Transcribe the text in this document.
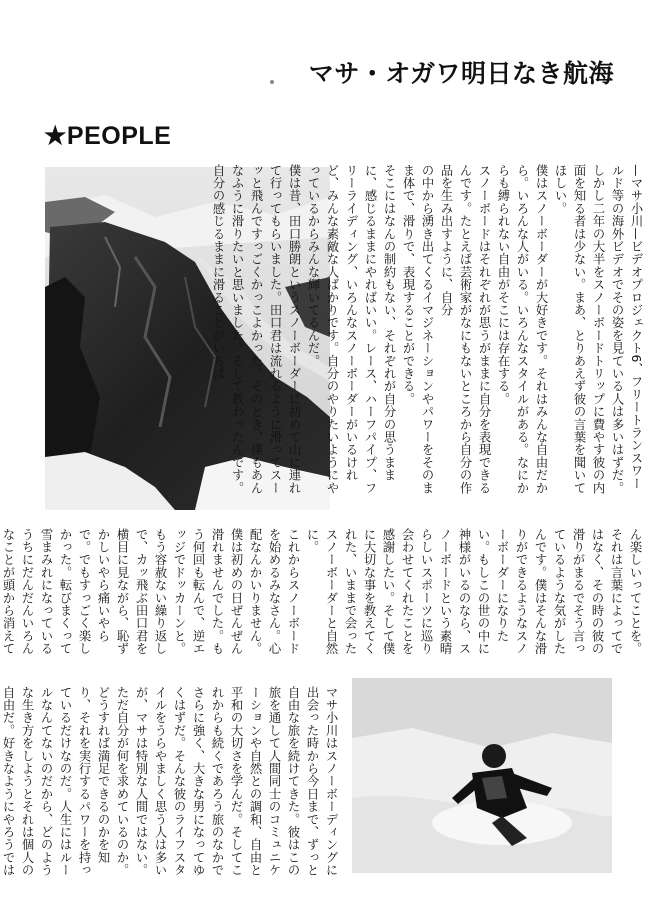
マサ・オガワ明日なき航海
★PEOPLE
—マサ小川—ビデオプロジェクト6、フリートランスワールド等の海外ビデオでその姿を見ている人は多いはずだ。しかし二年の大半をスノーボードトリップに費やす彼の内面を知る者は少ない。まあ、とりあえず彼の言葉を聞いてほしい。
僕はスノーボーダーが大好きです。それはみんな自由だから。いろんな人がいる。いろんなスタイルがある。なにからも縛られない自由がそこには存在する。
スノーボードはそれぞれが思うがままに自分を表現できるんです。たとえば芸術家がなにもないところから自分の作品を生み出すように、自分
の中から湧き出てくるイマジネーションやパワーをそのまま体で、滑りで、表現することができる。
そこにはなんの制約もない、それぞれが自分の思うままに、感じるままにやればいい。レース、ハーフパイプ、フリーライディング、いろんなスノーボーダーがいるけれど、みんな素敵な人ばかりです。自分のやりたいようにやっているからみんな輝いてるんだ。
僕は昔、田口勝朗というスノーボーダーに初めて山に連れて行ってもらいました。田口君は流れるように滑ってスーッと飛んですっごくかっこよかった。そのとき、僕もあんなふうに滑りたいと思いました。そして教わったんです。自分の感じるままに滑ることがいちば
ん楽しいってことを。それは言葉によってではなく、その時の彼の滑りがまるでそう言っているような気がしたんです。僕はそんな滑りができるようなスノーボーダーになりたい。もしこの世の中に神様がいるのなら、スノーボードという素晴らしいスポーツに巡り会わせてくれたことを感謝したい。そして僕に大切な事を教えてくれた、いままで会ったスノーボーダーと自然に。
これからスノーボードを始めるみなさん。心配なんかいりません。僕は初めの日ぜんぜん滑れませんでした。もう何回も転んで、逆エッジでドッカーンと。もう容赦ない繰り返しで、カッ飛ぶ田口君を横目に見ながら、恥ずかしいやら痛いやらで。でもすっごく楽しかった。転びまくって雪まみれになっているうちにだんだんいろんなことが頭から消えて
マサ小川はスノーボーディングに出会った時から今日まで、ずっと自由な旅を続けてきた。彼はこの旅を通して人間同士のコミュニケーションや自然との調和、自由と平和の大切さを学んだ。そしてこれからも続くであろう旅のなかでさらに強く、大きな男になってゆくはずだ。そんな彼のライフスタイルをうらやましく思う人は多いが、マサは特別な人間ではない。ただ自分が何を求めているのか。どうすれば満足できるのかを知り、それを実行するパワーを持っているだけなのだ。人生にはルールなんてないのだから、どのような生き方をしようとそれは個人の自由だ。好きなようにやろうでは
